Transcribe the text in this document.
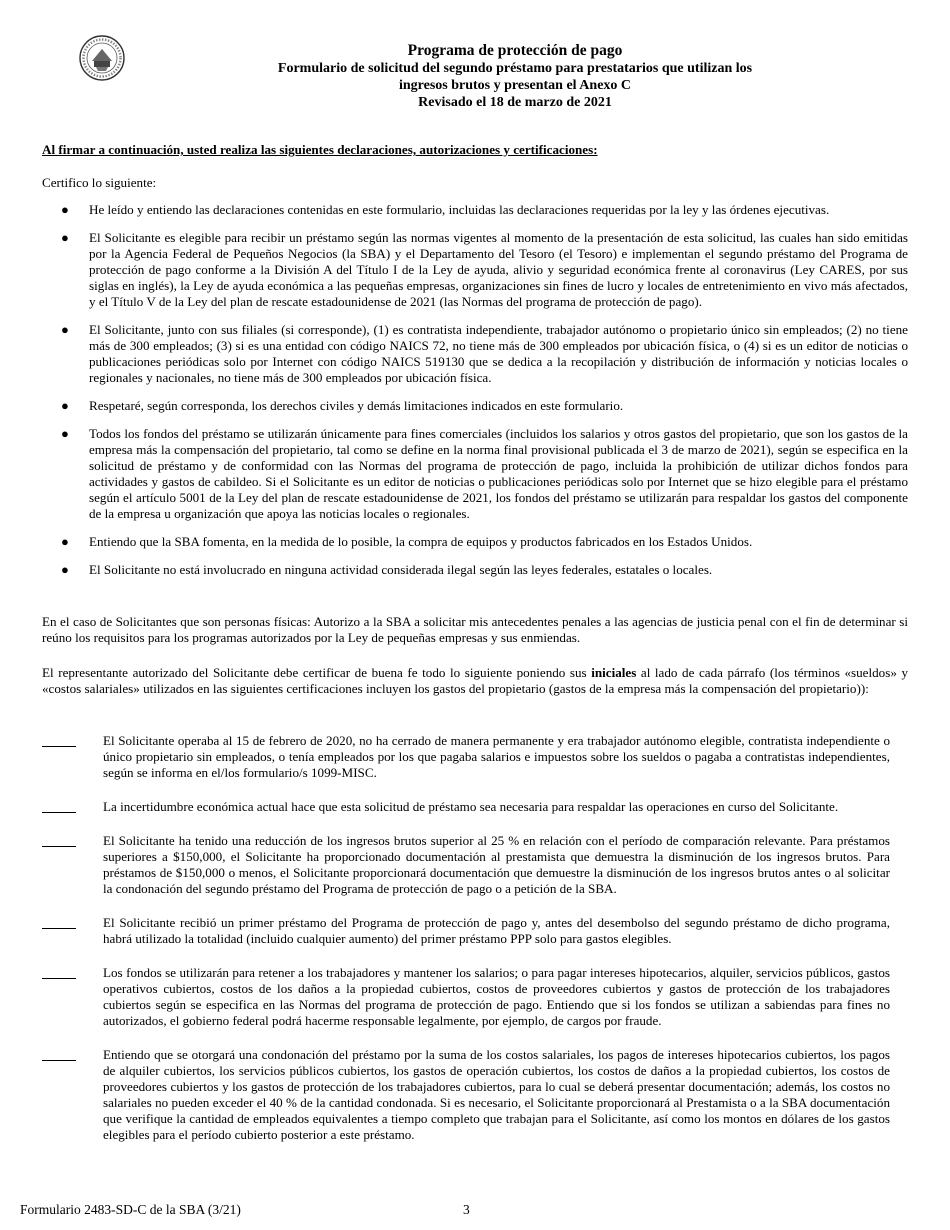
Programa de protección de pago
Formulario de solicitud del segundo préstamo para prestatarios que utilizan los
ingresos brutos y presentan el Anexo C
Revisado el 18 de marzo de 2021
Al firmar a continuación, usted realiza las siguientes declaraciones, autorizaciones y certificaciones:
Certifico lo siguiente:
● He leído y entiendo las declaraciones contenidas en este formulario, incluidas las declaraciones requeridas por la ley y las órdenes ejecutivas.
● El Solicitante es elegible para recibir un préstamo según las normas vigentes al momento de la presentación de esta solicitud, las cuales han sido emitidas por la Agencia Federal de Pequeños Negocios (la SBA) y el Departamento del Tesoro (el Tesoro) e implementan el segundo préstamo del Programa de protección de pago conforme a la División A del Título I de la Ley de ayuda, alivio y seguridad económica frente al coronavirus (Ley CARES, por sus siglas en inglés), la Ley de ayuda económica a las pequeñas empresas, organizaciones sin fines de lucro y locales de entretenimiento en vivo más afectados, y el Título V de la Ley del plan de rescate estadounidense de 2021 (las Normas del programa de protección de pago).
● El Solicitante, junto con sus filiales (si corresponde), (1) es contratista independiente, trabajador autónomo o propietario único sin empleados; (2) no tiene más de 300 empleados; (3) si es una entidad con código NAICS 72, no tiene más de 300 empleados por ubicación física, o (4) si es un editor de noticias o publicaciones periódicas solo por Internet con código NAICS 519130 que se dedica a la recopilación y distribución de información y noticias locales o regionales y nacionales, no tiene más de 300 empleados por ubicación física.
● Respetaré, según corresponda, los derechos civiles y demás limitaciones indicados en este formulario.
● Todos los fondos del préstamo se utilizarán únicamente para fines comerciales (incluidos los salarios y otros gastos del propietario, que son los gastos de la empresa más la compensación del propietario, tal como se define en la norma final provisional publicada el 3 de marzo de 2021), según se especifica en la solicitud de préstamo y de conformidad con las Normas del programa de protección de pago, incluida la prohibición de utilizar dichos fondos para actividades y gastos de cabildeo. Si el Solicitante es un editor de noticias o publicaciones periódicas solo por Internet que se hizo elegible para el préstamo según el artículo 5001 de la Ley del plan de rescate estadounidense de 2021, los fondos del préstamo se utilizarán para respaldar los gastos del componente de la empresa u organización que apoya las noticias locales o regionales.
● Entiendo que la SBA fomenta, en la medida de lo posible, la compra de equipos y productos fabricados en los Estados Unidos.
● El Solicitante no está involucrado en ninguna actividad considerada ilegal según las leyes federales, estatales o locales.
En el caso de Solicitantes que son personas físicas: Autorizo a la SBA a solicitar mis antecedentes penales a las agencias de justicia penal con el fin de determinar si reúno los requisitos para los programas autorizados por la Ley de pequeñas empresas y sus enmiendas.
El representante autorizado del Solicitante debe certificar de buena fe todo lo siguiente poniendo sus iniciales al lado de cada párrafo (los términos «sueldos» y «costos salariales» utilizados en las siguientes certificaciones incluyen los gastos del propietario (gastos de la empresa más la compensación del propietario)):
El Solicitante operaba al 15 de febrero de 2020, no ha cerrado de manera permanente y era trabajador autónomo elegible, contratista independiente o único propietario sin empleados, o tenía empleados por los que pagaba salarios e impuestos sobre los sueldos o pagaba a contratistas independientes, según se informa en el/los formulario/s 1099-MISC.
La incertidumbre económica actual hace que esta solicitud de préstamo sea necesaria para respaldar las operaciones en curso del Solicitante.
El Solicitante ha tenido una reducción de los ingresos brutos superior al 25 % en relación con el período de comparación relevante. Para préstamos superiores a $150,000, el Solicitante ha proporcionado documentación al prestamista que demuestra la disminución de los ingresos brutos. Para préstamos de $150,000 o menos, el Solicitante proporcionará documentación que demuestre la disminución de los ingresos brutos antes o al solicitar la condonación del segundo préstamo del Programa de protección de pago o a petición de la SBA.
El Solicitante recibió un primer préstamo del Programa de protección de pago y, antes del desembolso del segundo préstamo de dicho programa, habrá utilizado la totalidad (incluido cualquier aumento) del primer préstamo PPP solo para gastos elegibles.
Los fondos se utilizarán para retener a los trabajadores y mantener los salarios; o para pagar intereses hipotecarios, alquiler, servicios públicos, gastos operativos cubiertos, costos de los daños a la propiedad cubiertos, costos de proveedores cubiertos y gastos de protección de los trabajadores cubiertos según se especifica en las Normas del programa de protección de pago. Entiendo que si los fondos se utilizan a sabiendas para fines no autorizados, el gobierno federal podrá hacerme responsable legalmente, por ejemplo, de cargos por fraude.
Entiendo que se otorgará una condonación del préstamo por la suma de los costos salariales, los pagos de intereses hipotecarios cubiertos, los pagos de alquiler cubiertos, los servicios públicos cubiertos, los gastos de operación cubiertos, los costos de daños a la propiedad cubiertos, los costos de proveedores cubiertos y los gastos de protección de los trabajadores cubiertos, para lo cual se deberá presentar documentación; además, los costos no salariales no pueden exceder el 40 % de la cantidad condonada. Si es necesario, el Solicitante proporcionará al Prestamista o a la SBA documentación que verifique la cantidad de empleados equivalentes a tiempo completo que trabajan para el Solicitante, así como los montos en dólares de los gastos elegibles para el período cubierto posterior a este préstamo.
Formulario 2483-SD-C de la SBA (3/21)	3
